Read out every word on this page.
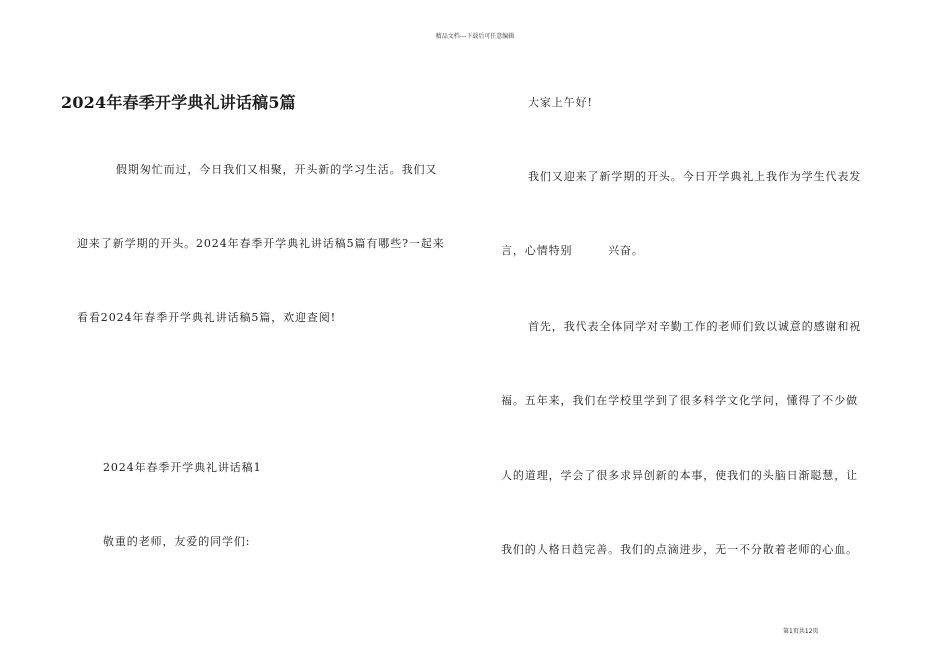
精品文档---下载后可任意编辑
2024年春季开学典礼讲话稿5篇

假期匆忙而过，今日我们又相聚，开头新的学习生活。我们又

迎来了新学期的开头。2024年春季开学典礼讲话稿5篇有哪些?一起来

看看2024年春季开学典礼讲话稿5篇，欢迎查阅!

2024年春季开学典礼讲话稿1

敬重的老师，友爱的同学们:

大家上午好!

我们又迎来了新学期的开头。今日开学典礼上我作为学生代表发

言，心情特别　　　兴奋。

首先，我代表全体同学对辛勤工作的老师们致以诚意的感谢和祝

福。五年来，我们在学校里学到了很多科学文化学问，懂得了不少做

人的道理，学会了很多求异创新的本事，使我们的头脑日渐聪慧，让

我们的人格日趋完善。我们的点滴进步，无一不分散着老师的心血。

第1页共12页
